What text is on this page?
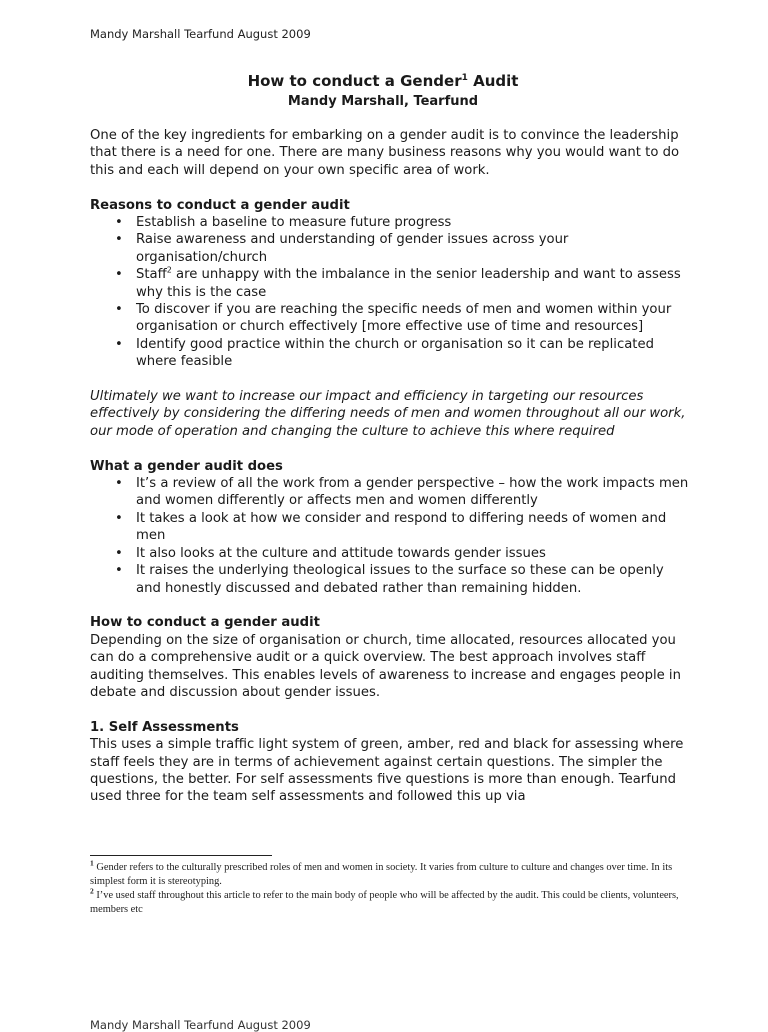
Mandy Marshall Tearfund August 2009
How to conduct a Gender$^1$ Audit
Mandy Marshall, Tearfund

One of the key ingredients for embarking on a gender audit is to convince the leadership that there is a need for one. There are many business reasons why you would want to do this and each will depend on your own specific area of work.

Reasons to conduct a gender audit

• Establish a baseline to measure future progress
• Raise awareness and understanding of gender issues across your organisation/church
• Staff$^2$ are unhappy with the imbalance in the senior leadership and want to assess why this is the case
• To discover if you are reaching the specific needs of men and women within your organisation or church effectively [more effective use of time and resources]
• Identify good practice within the church or organisation so it can be replicated where feasible

Ultimately we want to increase our impact and efficiency in targeting our resources effectively by considering the differing needs of men and women throughout all our work, our mode of operation and changing the culture to achieve this where required

What a gender audit does

• It’s a review of all the work from a gender perspective – how the work impacts men and women differently or affects men and women differently
• It takes a look at how we consider and respond to differing needs of women and men
• It also looks at the culture and attitude towards gender issues
• It raises the underlying theological issues to the surface so these can be openly and honestly discussed and debated rather than remaining hidden.

How to conduct a gender audit

Depending on the size of organisation or church, time allocated, resources allocated you can do a comprehensive audit or a quick overview. The best approach involves staff auditing themselves. This enables levels of awareness to increase and engages people in debate and discussion about gender issues.

1. Self Assessments

This uses a simple traffic light system of green, amber, red and black for assessing where staff feels they are in terms of achievement against certain questions. The simpler the questions, the better. For self assessments five questions is more than enough. Tearfund used three for the team self assessments and followed this up via

$^1$ Gender refers to the culturally prescribed roles of men and women in society. It varies from culture to culture and changes over time. In its simplest form it is stereotyping.

$^2$ I’ve used staff throughout this article to refer to the main body of people who will be affected by the audit. This could be clients, volunteers, members etc

Mandy Marshall Tearfund August 2009
